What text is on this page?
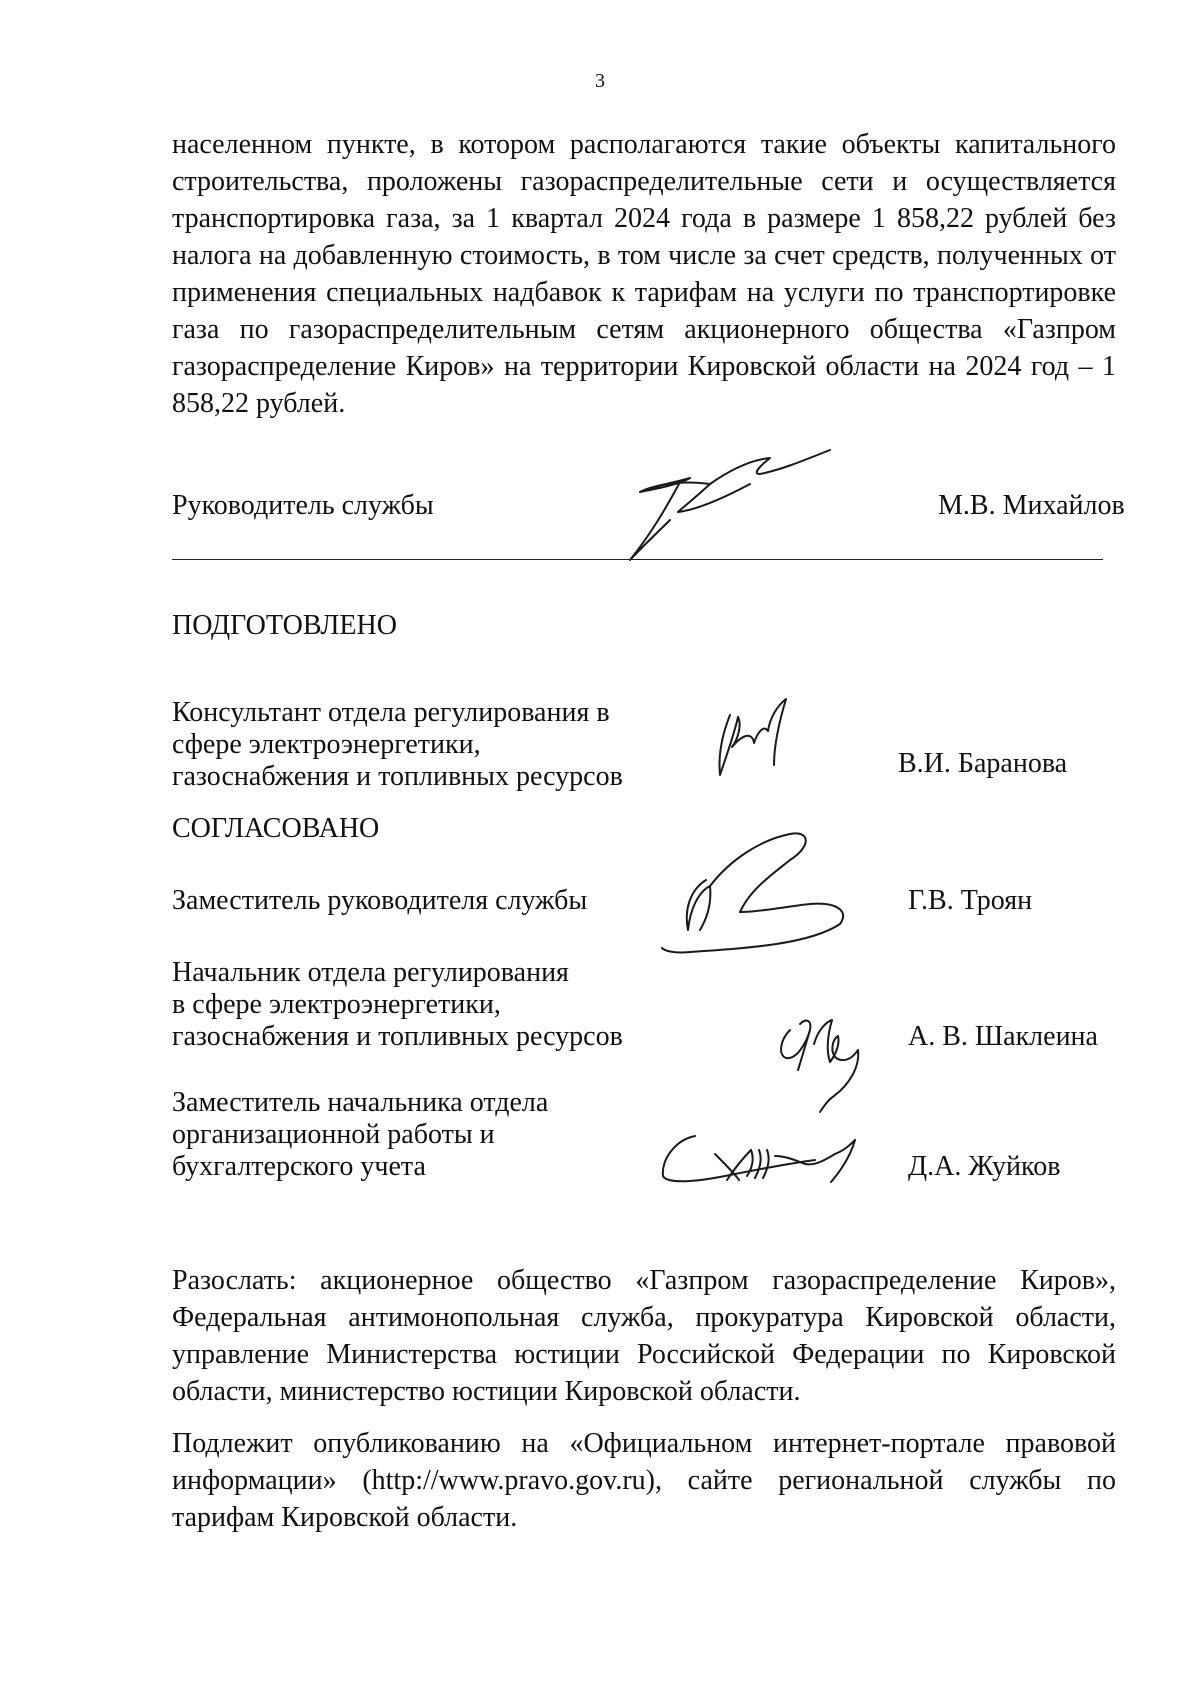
3

населенном пункте, в котором располагаются такие объекты капитального строительства, проложены газораспределительные сети и осуществляется транспортировка газа, за 1 квартал 2024 года в размере 1 858,22 рублей без налога на добавленную стоимость, в том числе за счет средств, полученных от применения специальных надбавок к тарифам на услуги по транспортировке газа по газораспределительным сетям акционерного общества «Газпром газораспределение Киров» на территории Кировской области на 2024 год – 1 858,22 рублей.

Руководитель службы	М.В. Михайлов
ПОДГОТОВЛЕНО
Консультант отдела регулирования в
сфере электроэнергетики,
газоснабжения и топливных ресурсов	В.И. Баранова
СОГЛАСОВАНО
Заместитель руководителя службы	Г.В. Троян
Начальник отдела регулирования
в сфере электроэнергетики,
газоснабжения и топливных ресурсов	А. В. Шаклеина
Заместитель начальника отдела
организационной работы и
бухгалтерского учета	Д.А. Жуйков

Разослать: акционерное общество «Газпром газораспределение Киров», Федеральная антимонопольная служба, прокуратура Кировской области, управление Министерства юстиции Российской Федерации по Кировской области, министерство юстиции Кировской области.

Подлежит опубликованию на «Официальном интернет-портале правовой информации» (http://www.pravo.gov.ru), сайте региональной службы по тарифам Кировской области.
